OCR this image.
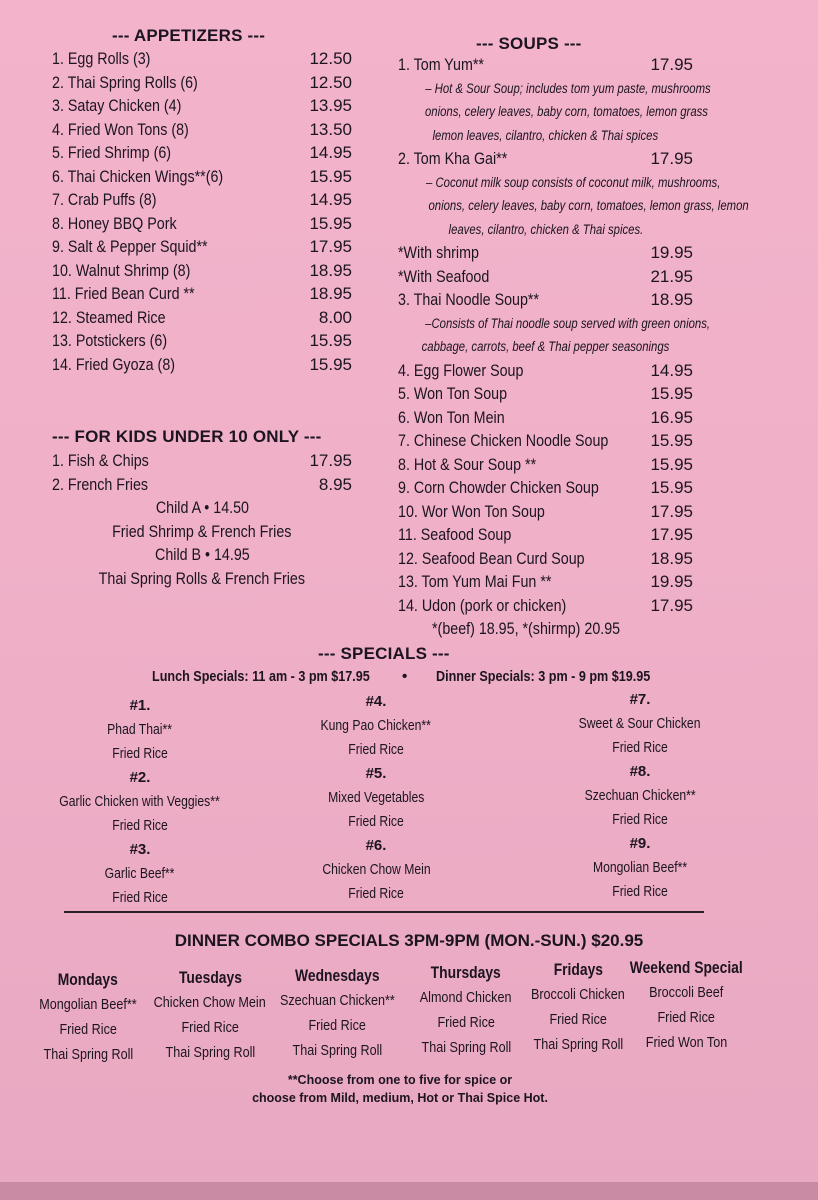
--- APPETIZERS ---
1. Egg Rolls (3)	12.50
2. Thai Spring Rolls (6)	12.50
3. Satay Chicken (4)	13.95
4. Fried Won Tons (8)	13.50
5. Fried Shrimp (6)	14.95
6. Thai Chicken Wings**(6)	15.95
7. Crab Puffs (8)	14.95
8. Honey BBQ Pork	15.95
9. Salt & Pepper Squid**	17.95
10. Walnut Shrimp (8)	18.95
11. Fried Bean Curd **	18.95
12. Steamed Rice	8.00
13. Potstickers (6)	15.95
14. Fried Gyoza (8)	15.95
--- FOR KIDS UNDER 10 ONLY ---
1. Fish & Chips	17.95
2. French Fries	8.95
Child A • 14.50
Fried Shrimp & French Fries
Child B • 14.95
Thai Spring Rolls & French Fries
--- SOUPS ---
1. Tom Yum**	17.95
– Hot & Sour Soup; includes tom yum paste, mushrooms
onions, celery leaves, baby corn, tomatoes, lemon grass
lemon leaves, cilantro, chicken & Thai spices
2. Tom Kha Gai**	17.95
– Coconut milk soup consists of coconut milk, mushrooms,
onions, celery leaves, baby corn, tomatoes, lemon grass, lemon
leaves, cilantro, chicken & Thai spices.
*With shrimp	19.95
*With Seafood	21.95
3. Thai Noodle Soup**	18.95
–Consists of Thai noodle soup served with green onions,
cabbage, carrots, beef & Thai pepper seasonings
4. Egg Flower Soup	14.95
5. Won Ton Soup	15.95
6. Won Ton Mein	16.95
7. Chinese Chicken Noodle Soup 15.95
8. Hot & Sour Soup **	15.95
9. Corn Chowder Chicken Soup	15.95
10. Wor Won Ton Soup	17.95
11. Seafood Soup	17.95
12. Seafood Bean Curd Soup	18.95
13. Tom Yum Mai Fun **	19.95
14. Udon (pork or chicken)	17.95
*(beef) 18.95, *(shirmp) 20.95
--- SPECIALS ---
Lunch Specials: 11 am - 3 pm $17.95	• Dinner Specials: 3 pm - 9 pm $19.95
#1.
Phad Thai**
Fried Rice
#2.
Garlic Chicken with Veggies**
Fried Rice
#3.
Garlic Beef**
Fried Rice
#4.
Kung Pao Chicken**
Fried Rice
#5.
Mixed Vegetables
Fried Rice
#6.
Chicken Chow Mein
Fried Rice
#7.
Sweet & Sour Chicken
Fried Rice
#8.
Szechuan Chicken**
Fried Rice
#9.
Mongolian Beef**
Fried Rice
DINNER COMBO SPECIALS 3PM-9PM (MON.-SUN.) $20.95
Mondays
Mongolian Beef**
Fried Rice
Thai Spring Roll
Tuesdays
Chicken Chow Mein
Fried Rice
Thai Spring Roll
Wednesdays
Szechuan Chicken**
Fried Rice
Thai Spring Roll
Thursdays
Almond Chicken
Fried Rice
Thai Spring Roll
Fridays
Broccoli Chicken
Fried Rice
Thai Spring Roll
Weekend Special
Broccoli Beef
Fried Rice
Fried Won Ton
**Choose from one to five for spice or
choose from Mild, medium, Hot or Thai Spice Hot.
